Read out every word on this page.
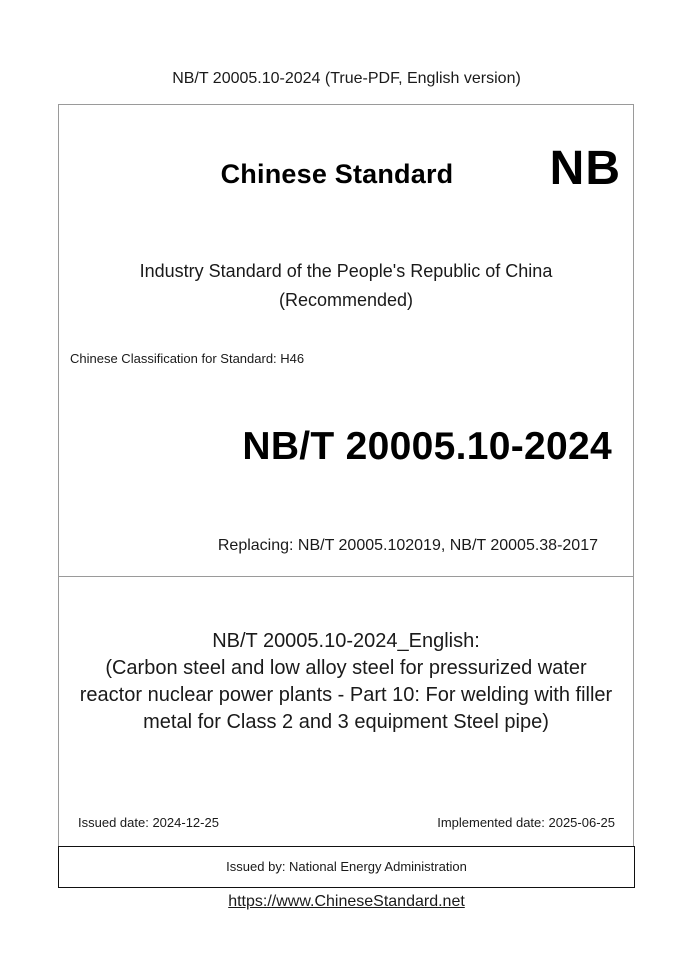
NB/T 20005.10-2024 (True-PDF, English version)
Chinese Standard	NB
Industry Standard of the People's Republic of China
(Recommended)
Chinese Classification for Standard: H46
NB/T 20005.10-2024
Replacing: NB/T 20005.102019, NB/T 20005.38-2017
NB/T 20005.10-2024_English:
(Carbon steel and low alloy steel for pressurized water
reactor nuclear power plants - Part 10: For welding with filler
metal for Class 2 and 3 equipment Steel pipe)
Issued date: 2024-12-25	Implemented date: 2025-06-25
Issued by: National Energy Administration
https://www.ChineseStandard.net
